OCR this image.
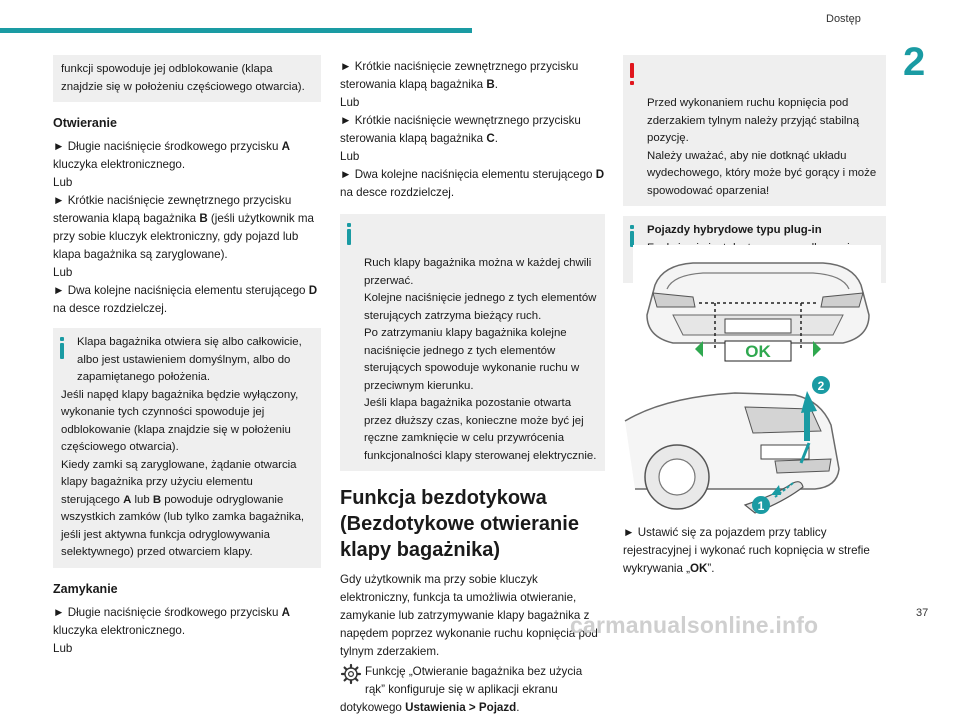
Dostęp
2
funkcji spowoduje jej odblokowanie (klapa znajdzie się w położeniu częściowego otwarcia).

Otwieranie

► Długie naciśnięcie środkowego przycisku A kluczyka elektronicznego.

Lub

► Krótkie naciśnięcie zewnętrznego przycisku sterowania klapą bagażnika B (jeśli użytkownik ma przy sobie kluczyk elektroniczny, gdy pojazd lub klapa bagażnika są zaryglowane).

Lub

► Dwa kolejne naciśnięcia elementu sterującego D na desce rozdzielczej.

Klapa bagażnika otwiera się albo całkowicie, albo jest ustawieniem domyślnym, albo do zapamiętanego położenia.

Jeśli napęd klapy bagażnika będzie wyłączony, wykonanie tych czynności spowoduje jej odblokowanie (klapa znajdzie się w położeniu częściowego otwarcia).

Kiedy zamki są zaryglowane, żądanie otwarcia klapy bagażnika przy użyciu elementu sterującego A lub B powoduje odryglowanie wszystkich zamków (lub tylko zamka bagażnika, jeśli jest aktywna funkcja odryglowywania selektywnego) przed otwarciem klapy.

Zamykanie

► Długie naciśnięcie środkowego przycisku A kluczyka elektronicznego.

Lub

► Krótkie naciśnięcie zewnętrznego przycisku sterowania klapą bagażnika B.

Lub

► Krótkie naciśnięcie wewnętrznego przycisku sterowania klapą bagażnika C.

Lub

► Dwa kolejne naciśnięcia elementu sterującego D na desce rozdzielczej.

Ruch klapy bagażnika można w każdej chwili przerwać.
Kolejne naciśnięcie jednego z tych elementów sterujących zatrzyma bieżący ruch.
Po zatrzymaniu klapy bagażnika kolejne naciśnięcie jednego z tych elementów sterujących spowoduje wykonanie ruchu w przeciwnym kierunku.
Jeśli klapa bagażnika pozostanie otwarta przez dłuższy czas, konieczne może być jej ręczne zamknięcie w celu przywrócenia funkcjonalności klapy sterowanej elektrycznie.

Funkcja bezdotykowa (Bezdotykowe otwieranie klapy bagażnika)

Gdy użytkownik ma przy sobie kluczyk elektroniczny, funkcja ta umożliwia otwieranie, zamykanie lub zatrzymywanie klapy bagażnika z napędem poprzez wykonanie ruchu kopnięcia pod tylnym zderzakiem.

Funkcję „Otwieranie bagażnika bez użycia rąk” konfiguruje się w aplikacji ekranu dotykowego Ustawienia > Pojazd.

Przed wykonaniem ruchu kopnięcia pod zderzakiem tylnym należy przyjąć stabilną pozycję.
Należy uważać, aby nie dotknąć układu wydechowego, który może być gorący i może spowodować oparzenia!

Pojazdy hybrydowe typu plug-in

OK
2
1

► Ustawić się za pojazdem przy tablicy rejestracyjnej i wykonać ruch kopnięcia w strefie wykrywania „OK”.

carmanualsonline.info	37
